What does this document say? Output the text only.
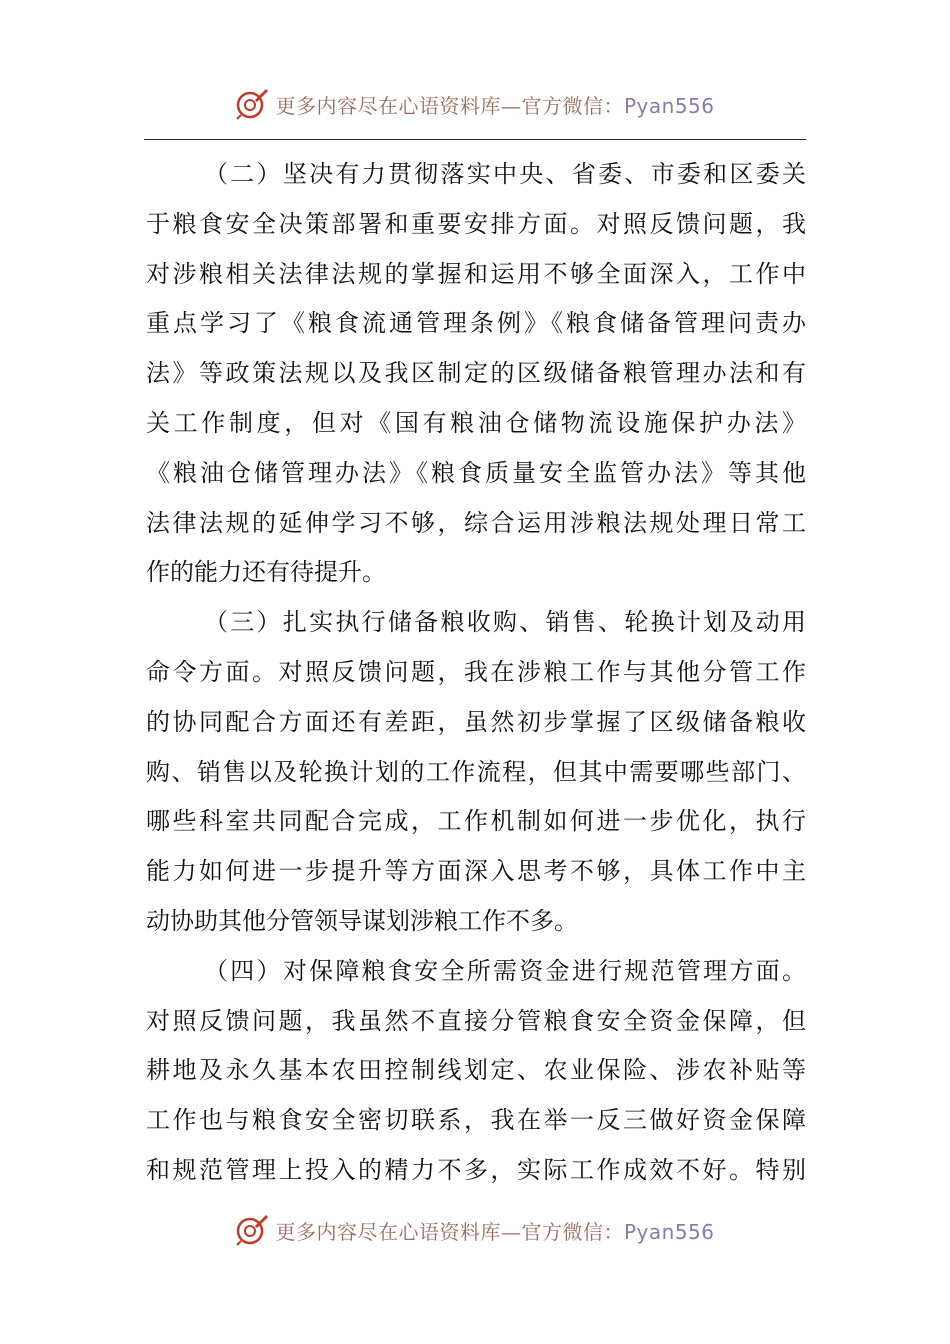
更多内容尽在心语资料库—官方微信：Pyan556
（二）坚决有力贯彻落实中央、省委、市委和区委关
于粮食安全决策部署和重要安排方面。对照反馈问题，我
对涉粮相关法律法规的掌握和运用不够全面深入，工作中
重点学习了《粮食流通管理条例》《粮食储备管理问责办
法》等政策法规以及我区制定的区级储备粮管理办法和有
关工作制度，但对《国有粮油仓储物流设施保护办法》
《粮油仓储管理办法》《粮食质量安全监管办法》等其他
法律法规的延伸学习不够，综合运用涉粮法规处理日常工
作的能力还有待提升。
（三）扎实执行储备粮收购、销售、轮换计划及动用
命令方面。对照反馈问题，我在涉粮工作与其他分管工作
的协同配合方面还有差距，虽然初步掌握了区级储备粮收
购、销售以及轮换计划的工作流程，但其中需要哪些部门、
哪些科室共同配合完成，工作机制如何进一步优化，执行
能力如何进一步提升等方面深入思考不够，具体工作中主
动协助其他分管领导谋划涉粮工作不多。
（四）对保障粮食安全所需资金进行规范管理方面。
对照反馈问题，我虽然不直接分管粮食安全资金保障，但
耕地及永久基本农田控制线划定、农业保险、涉农补贴等
工作也与粮食安全密切联系，我在举一反三做好资金保障
和规范管理上投入的精力不多，实际工作成效不好。特别
更多内容尽在心语资料库—官方微信：Pyan556
